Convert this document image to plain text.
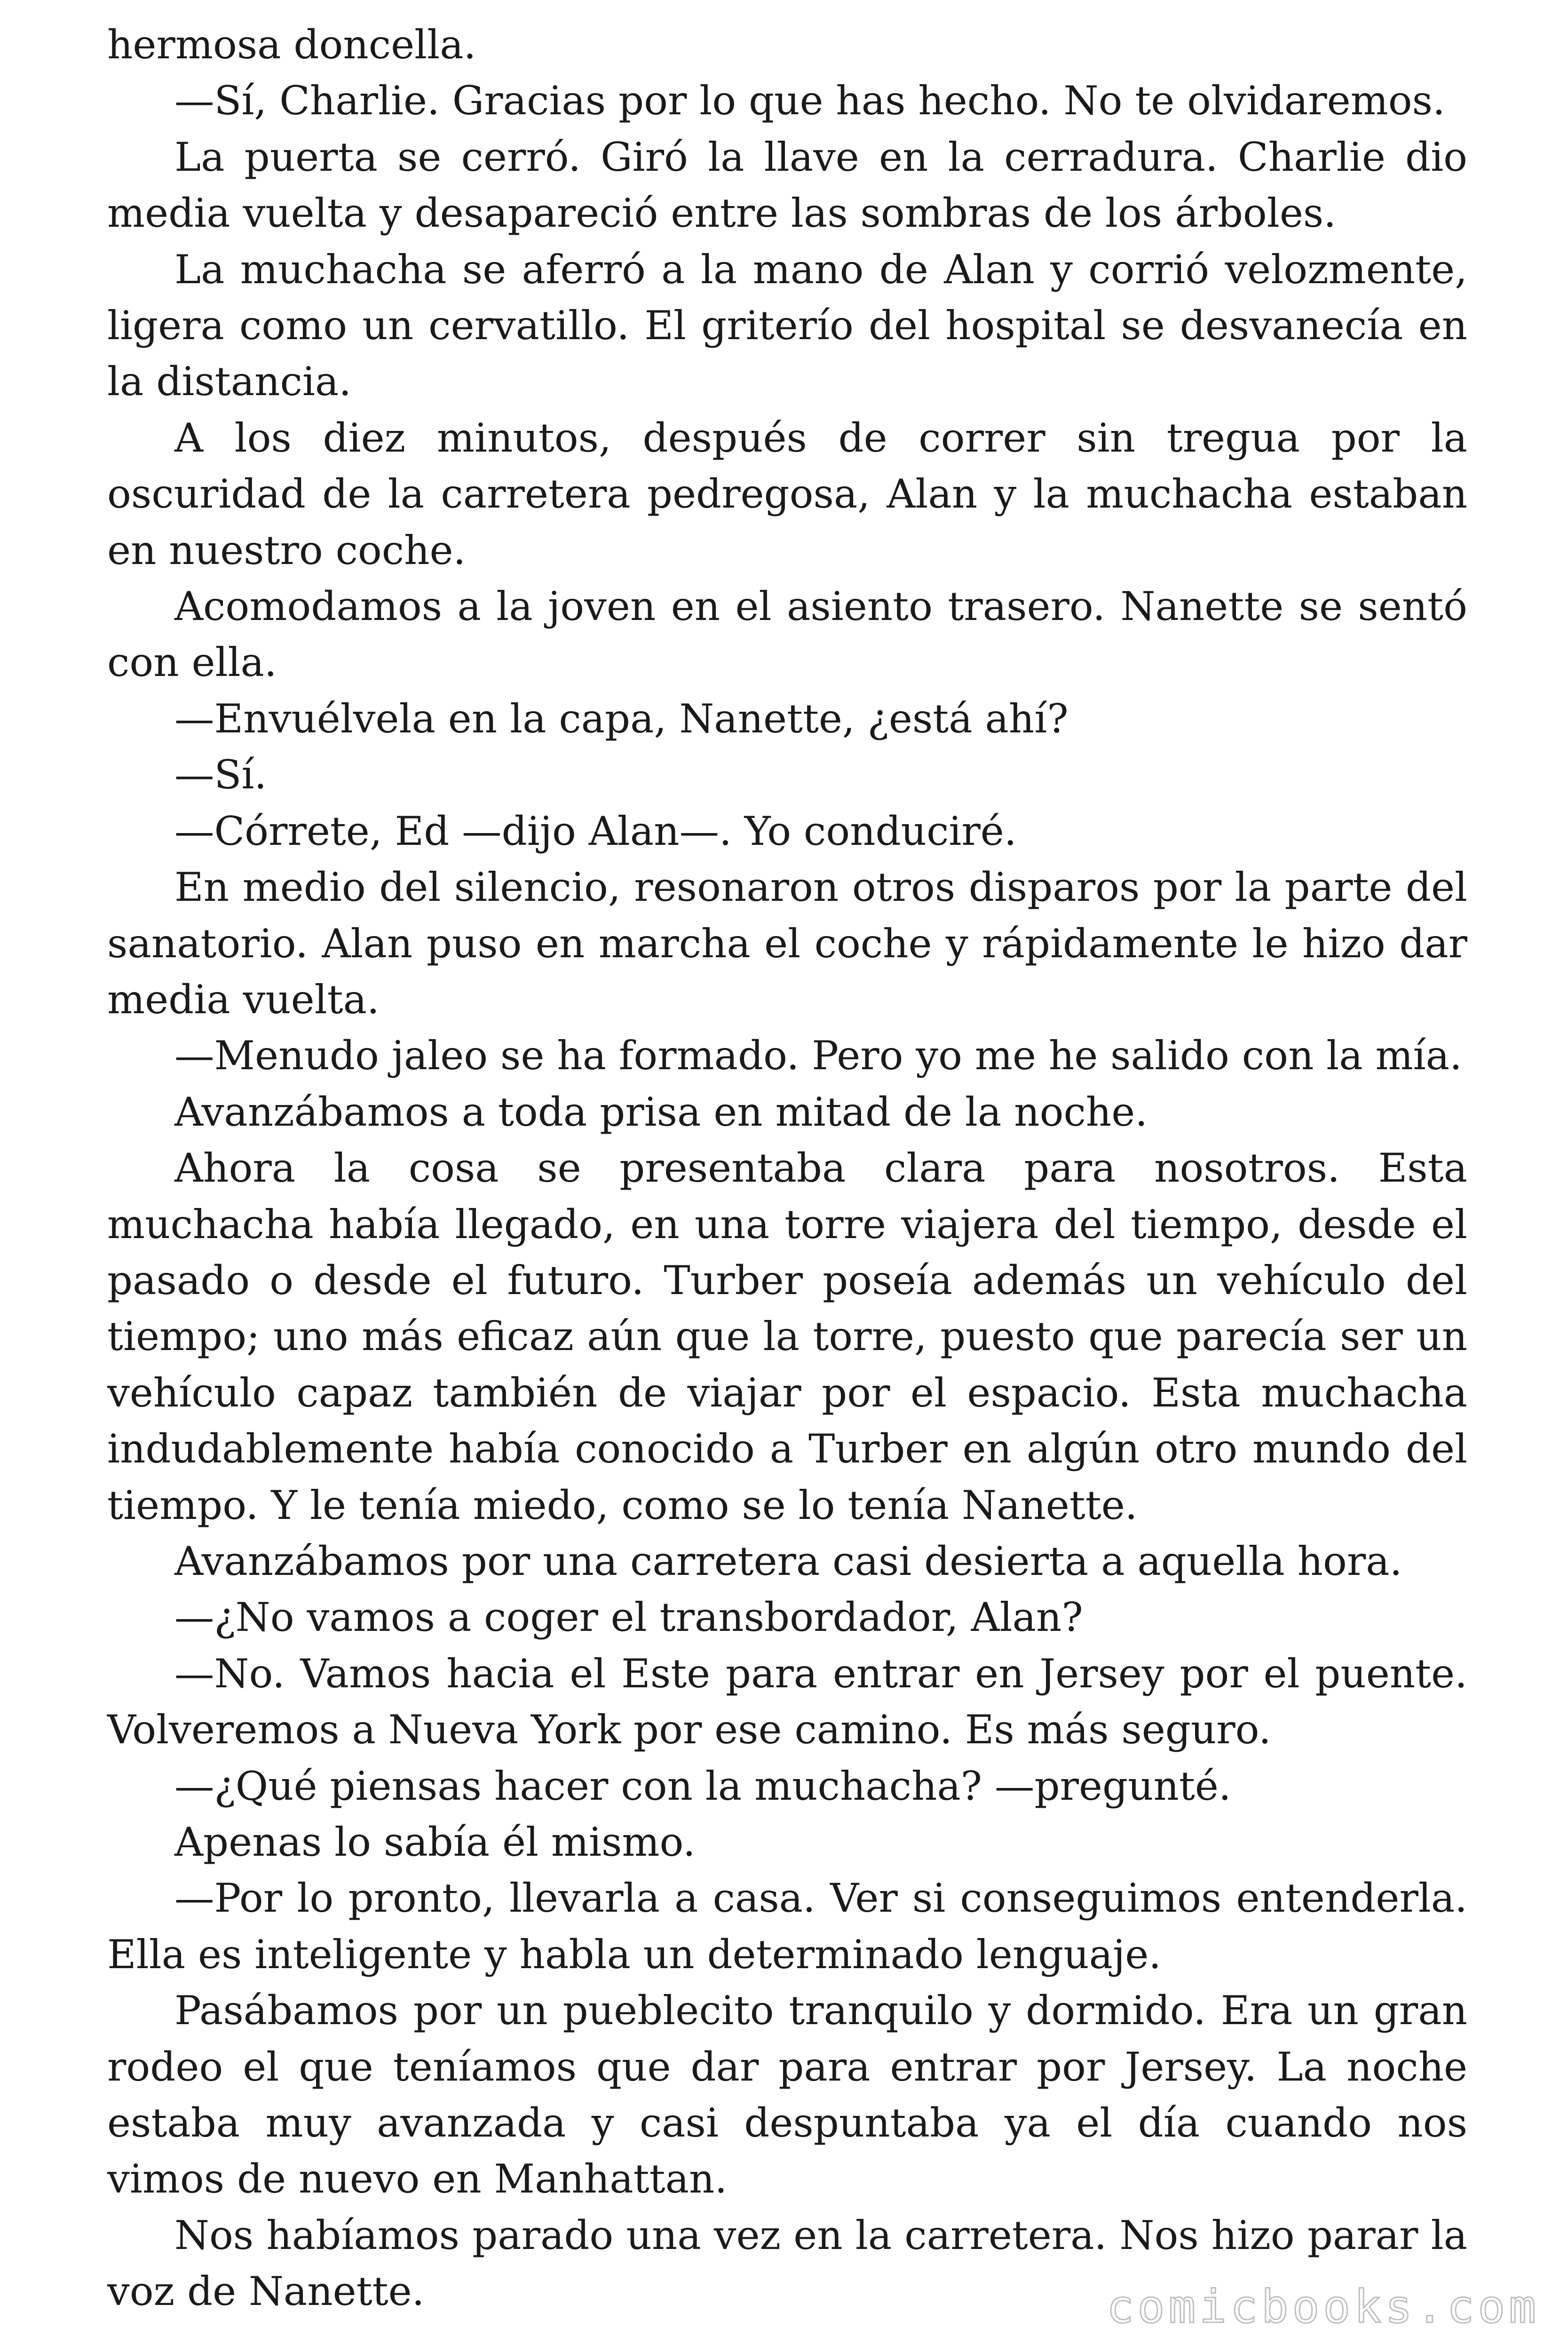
hermosa doncella.

—Sí, Charlie. Gracias por lo que has hecho. No te olvidaremos.

La puerta se cerró. Giró la llave en la cerradura. Charlie dio media vuelta y desapareció entre las sombras de los árboles.

La muchacha se aferró a la mano de Alan y corrió velozmente, ligera como un cervatillo. El griterío del hospital se desvanecía en la distancia.

A los diez minutos, después de correr sin tregua por la oscuridad de la carretera pedregosa, Alan y la muchacha estaban en nuestro coche.

Acomodamos a la joven en el asiento trasero. Nanette se sentó con ella.

—Envuélvela en la capa, Nanette, ¿está ahí?

—Sí.

—Córrete, Ed —dijo Alan—. Yo conduciré.

En medio del silencio, resonaron otros disparos por la parte del sanatorio. Alan puso en marcha el coche y rápidamente le hizo dar media vuelta.

—Menudo jaleo se ha formado. Pero yo me he salido con la mía.

Avanzábamos a toda prisa en mitad de la noche.

Ahora la cosa se presentaba clara para nosotros. Esta muchacha había llegado, en una torre viajera del tiempo, desde el pasado o desde el futuro. Turber poseía además un vehículo del tiempo; uno más eficaz aún que la torre, puesto que parecía ser un vehículo capaz también de viajar por el espacio. Esta muchacha indudablemente había conocido a Turber en algún otro mundo del tiempo. Y le tenía miedo, como se lo tenía Nanette.

Avanzábamos por una carretera casi desierta a aquella hora.

—¿No vamos a coger el transbordador, Alan?

—No. Vamos hacia el Este para entrar en Jersey por el puente. Volveremos a Nueva York por ese camino. Es más seguro.

—¿Qué piensas hacer con la muchacha? —pregunté.

Apenas lo sabía él mismo.

—Por lo pronto, llevarla a casa. Ver si conseguimos entenderla. Ella es inteligente y habla un determinado lenguaje.

Pasábamos por un pueblecito tranquilo y dormido. Era un gran rodeo el que teníamos que dar para entrar por Jersey. La noche estaba muy avanzada y casi despuntaba ya el día cuando nos vimos de nuevo en Manhattan.

Nos habíamos parado una vez en la carretera. Nos hizo parar la voz de Nanette.	comicbooks.com
